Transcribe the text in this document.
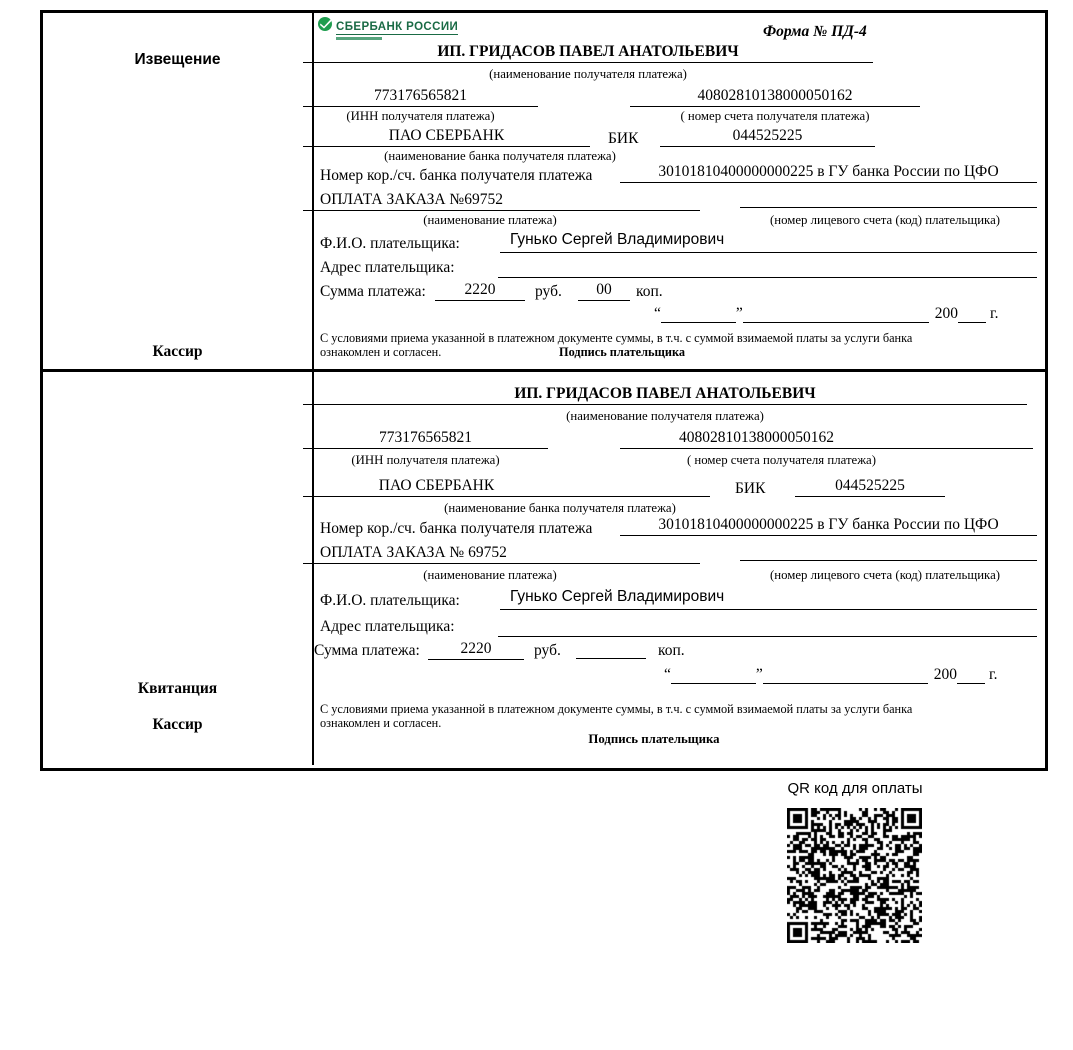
Извещение
Кассир
СБЕРБАНК РОССИИ	Форма № ПД-4
ИП. ГРИДАСОВ ПАВЕЛ АНАТОЛЬЕВИЧ
(наименование получателя платежа)
773176565821	40802810138000050162
(ИНН получателя платежа)	( номер счета получателя платежа)
ПАО СБЕРБАНК	БИК	044525225
(наименование банка получателя платежа)
Номер кор./сч. банка получателя платежа	30101810400000000225 в ГУ банка России по ЦФО
ОПЛАТА ЗАКАЗА №69752
(наименование платежа)	(номер лицевого счета (код) плательщика)
Ф.И.О. плательщика:	Гунько Сергей Владимирович
Адрес плательщика:
Сумма платежа:	2220	руб.	00	коп.
“	”	200 г.
С условиями приема указанной в платежном документе суммы, в т.ч. с суммой взимаемой платы за услуги банка
ознакомлен и согласен.	Подпись плательщика
Квитанция
Кассир
ИП. ГРИДАСОВ ПАВЕЛ АНАТОЛЬЕВИЧ
(наименование получателя платежа)
773176565821	40802810138000050162
(ИНН получателя платежа)	( номер счета получателя платежа)
ПАО СБЕРБАНК	БИК	044525225
(наименование банка получателя платежа)
Номер кор./сч. банка получателя платежа	30101810400000000225 в ГУ банка России по ЦФО
ОПЛАТА ЗАКАЗА № 69752
(наименование платежа)	(номер лицевого счета (код) плательщика)
Ф.И.О. плательщика:	Гунько Сергей Владимирович
Адрес плательщика:
Сумма платежа:	2220	руб.	коп.
“	”	200 г.
С условиями приема указанной в платежном документе суммы, в т.ч. с суммой взимаемой платы за услуги банка
ознакомлен и согласен.
Подпись плательщика
QR код для оплаты
